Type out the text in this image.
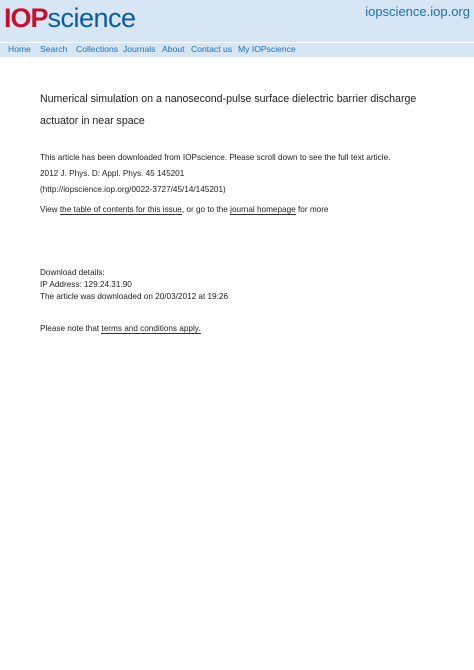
IOP science	iopscience.iop.org
Home Search Collections Journals About Contact us My IOPscience
Numerical simulation on a nanosecond-pulse surface dielectric barrier discharge actuator in near space
This article has been downloaded from IOPscience. Please scroll down to see the full text article.
2012 J. Phys. D: Appl. Phys. 45 145201
(http://iopscience.iop.org/0022-3727/45/14/145201)
View the table of contents for this issue, or go to the journal homepage for more
Download details:
IP Address: 129.24.31.90
The article was downloaded on 20/03/2012 at 19:26
Please note that terms and conditions apply.
